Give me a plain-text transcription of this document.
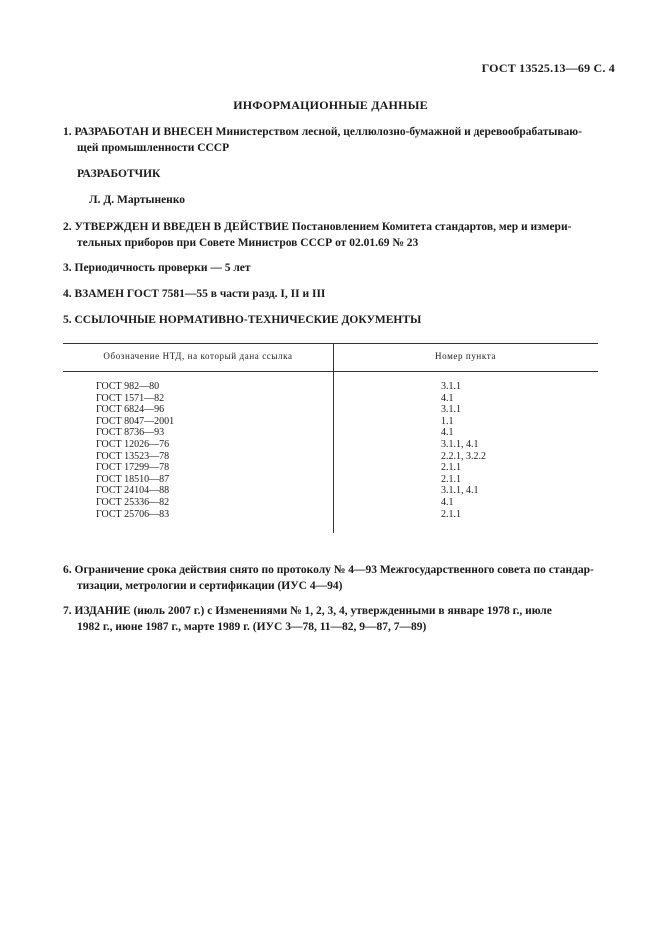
ГОСТ 13525.13—69 С. 4
ИНФОРМАЦИОННЫЕ ДАННЫЕ
1. РАЗРАБОТАН И ВНЕСЕН Министерством лесной, целлюлозно-бумажной и деревообрабатываю-
щей промышленности СССР
РАЗРАБОТЧИК
Л. Д. Мартыненко
2. УТВЕРЖДЕН И ВВЕДЕН В ДЕЙСТВИЕ Постановлением Комитета стандартов, мер и измери-
тельных приборов при Совете Министров СССР от 02.01.69 № 23
3. Периодичность проверки — 5 лет
4. ВЗАМЕН ГОСТ 7581—55 в части разд. I, II и III
5. ССЫЛОЧНЫЕ НОРМАТИВНО-ТЕХНИЧЕСКИЕ ДОКУМЕНТЫ
Обозначение НТД, на который дана ссылка	Номер пункта
ГОСТ 982—80
ГОСТ 1571—82
ГОСТ 6824—96
ГОСТ 8047—2001
ГОСТ 8736—93
ГОСТ 12026—76
ГОСТ 13523—78
ГОСТ 17299—78
ГОСТ 18510—87
ГОСТ 24104—88
ГОСТ 25336—82
ГОСТ 25706—83
3.1.1
4.1
3.1.1
1.1
4.1
3.1.1, 4.1
2.2.1, 3.2.2
2.1.1
2.1.1
3.1.1, 4.1
4.1
2.1.1
6. Ограничение срока действия снято по протоколу № 4—93 Межгосударственного совета по стандар-
тизации, метрологии и сертификации (ИУС 4—94)
7. ИЗДАНИЕ (июль 2007 г.) с Изменениями № 1, 2, 3, 4, утвержденными в январе 1978 г., июле
1982 г., июне 1987 г., марте 1989 г. (ИУС 3—78, 11—82, 9—87, 7—89)
